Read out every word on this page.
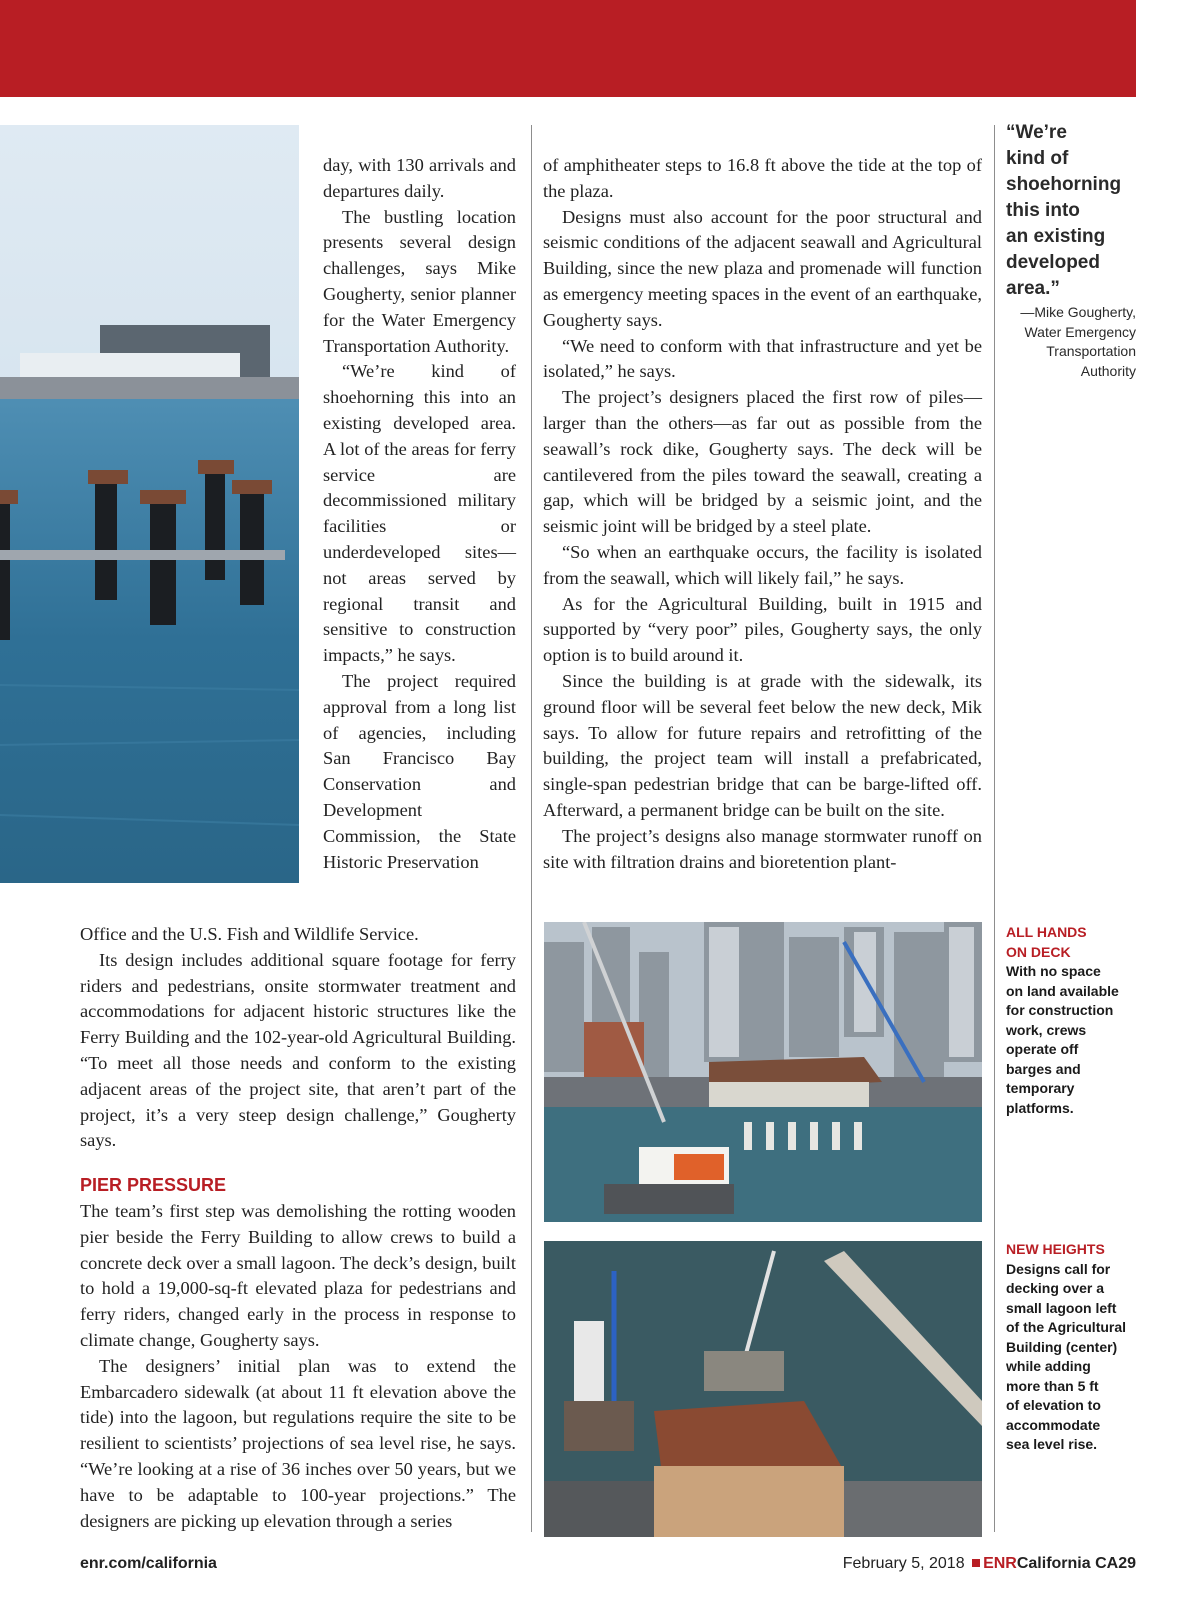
day, with 130 arrivals and departures daily.

The bustling location presents several design challenges, says Mike Gougherty, senior planner for the Water Emergency Transportation Authority.

“We’re kind of shoehorning this into an existing developed area. A lot of the areas for ferry service are decommissioned military facilities or underdeveloped sites—not areas served by regional transit and sensitive to construction impacts,” he says.

The project required approval from a long list of agencies, including San Francisco Bay Conservation and Development Commission, the State Historic Preservation

Office and the U.S. Fish and Wildlife Service.

Its design includes additional square footage for ferry riders and pedestrians, onsite stormwater treatment and accommodations for adjacent historic structures like the Ferry Building and the 102-year-old Agricultural Building. “To meet all those needs and conform to the existing adjacent areas of the project site, that aren’t part of the project, it’s a very steep design challenge,” Gougherty says.

PIER PRESSURE

The team’s first step was demolishing the rotting wooden pier beside the Ferry Building to allow crews to build a concrete deck over a small lagoon. The deck’s design, built to hold a 19,000-sq-ft elevated plaza for pedestrians and ferry riders, changed early in the process in response to climate change, Gougherty says.

The designers’ initial plan was to extend the Embarcadero sidewalk (at about 11 ft elevation above the tide) into the lagoon, but regulations require the site to be resilient to scientists’ projections of sea level rise, he says. “We’re looking at a rise of 36 inches over 50 years, but we have to be adaptable to 100-year projections.” The designers are picking up elevation through a series

of amphitheater steps to 16.8 ft above the tide at the top of the plaza.

Designs must also account for the poor structural and seismic conditions of the adjacent seawall and Agricultural Building, since the new plaza and promenade will function as emergency meeting spaces in the event of an earthquake, Gougherty says.

“We need to conform with that infrastructure and yet be isolated,” he says.

The project’s designers placed the first row of piles—larger than the others—as far out as possible from the seawall’s rock dike, Gougherty says. The deck will be cantilevered from the piles toward the seawall, creating a gap, which will be bridged by a seismic joint, and the seismic joint will be bridged by a steel plate.

“So when an earthquake occurs, the facility is isolated from the seawall, which will likely fail,” he says.

As for the Agricultural Building, built in 1915 and supported by “very poor” piles, Gougherty says, the only option is to build around it.

Since the building is at grade with the sidewalk, its ground floor will be several feet below the new deck, Mik says. To allow for future repairs and retrofitting of the building, the project team will install a prefabricated, single-span pedestrian bridge that can be barge-lifted off. Afterward, a permanent bridge can be built on the site.

The project’s designs also manage stormwater runoff on site with filtration drains and bioretention plant-

“We’re
kind of
shoehorning
this into
an existing
developed
area.”
—Mike Gougherty,
Water Emergency
Transportation
Authority
ALL HANDS
ON DECK
With no space
on land available
for construction
work, crews
operate off
barges and
temporary
platforms.
NEW HEIGHTS
Designs call for
decking over a
small lagoon left
of the Agricultural
Building (center)
while adding
more than 5 ft
of elevation to
accommodate
sea level rise.
enr.com/california	February 5, 2018 ENRCalifornia CA29
